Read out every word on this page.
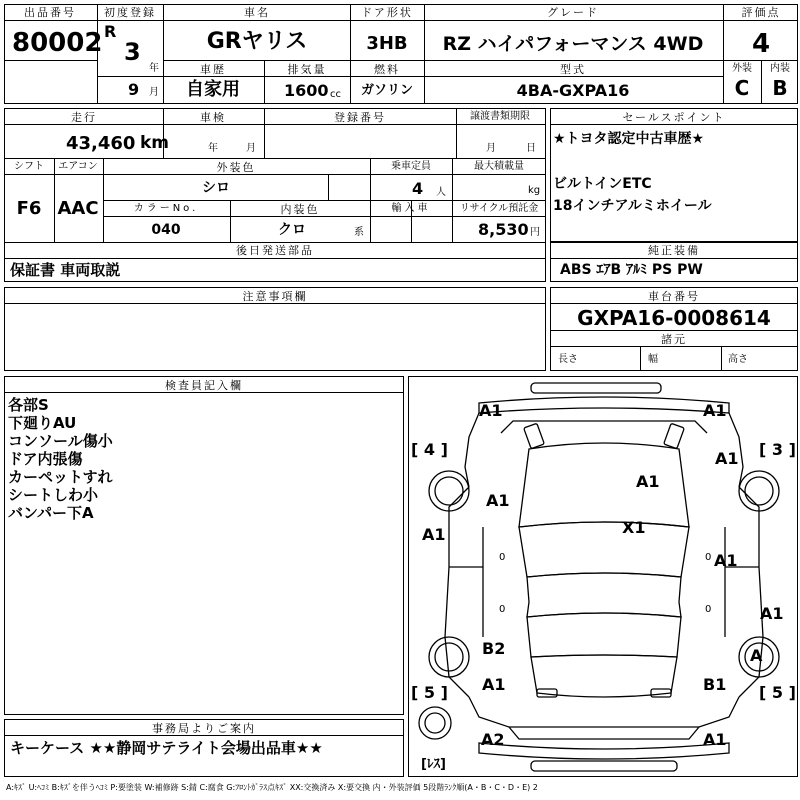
出品番号
80002
初度登録
R
3
年
9 月
車名
GRヤリス
ドア形状
3HB
グレード
RZ ハイパフォーマンス 4WD
評価点
4
車歴
自家用
排気量
1600 cc
燃料
ガソリン
型式
4BA-GXPA16
外装 内装
C B
走行
43,460 km
車検
年	月
登録番号	譲渡書類期限
月	日
シフト エアコン
F6 AAC
外装色
シロ
乗車定員
4 人
最大積載量
kg
カラーNo.
040
内装色
クロ	系
輸入車	リサイクル預託金
8,530 円
後日発送部品
保証書 車両取説
セールスポイント
★トヨタ認定中古車歴★
ビルトインETC
18インチアルミホイール
純正装備
ABS ｴｱB ｱﾙﾐ PS PW
注意事項欄	車台番号
GXPA16-0008614
諸元
長さ	幅	高さ
検査員記入欄
各部S
下廻りAU
コンソール傷小
ドア内張傷
カーペットすれ
シートしわ小
バンパー下A
事務局よりご案内
キーケース ★★静岡サテライト会場出品車★★
A1	A1
A1
A1
A1
X1
A1
A1
A1
B2	A
A1	B1
A2	A1
[ 4 ]	[ 3 ]
[ 5 ]	[ 5 ]
[ﾚｽ]
0	0
0	0
A:ｷｽﾞ U:ﾍｺﾐ B:ｷｽﾞを伴うﾍｺﾐ P:要塗装 W:補修跡 S:錆 C:腐食 G:ﾌﾛﾝﾄｶﾞﾗｽ点ｷｽﾞ XX:交換済み X:要交換 内・外装評価 5段階ﾗﾝｸ順(A・B・C・D・E) 2
